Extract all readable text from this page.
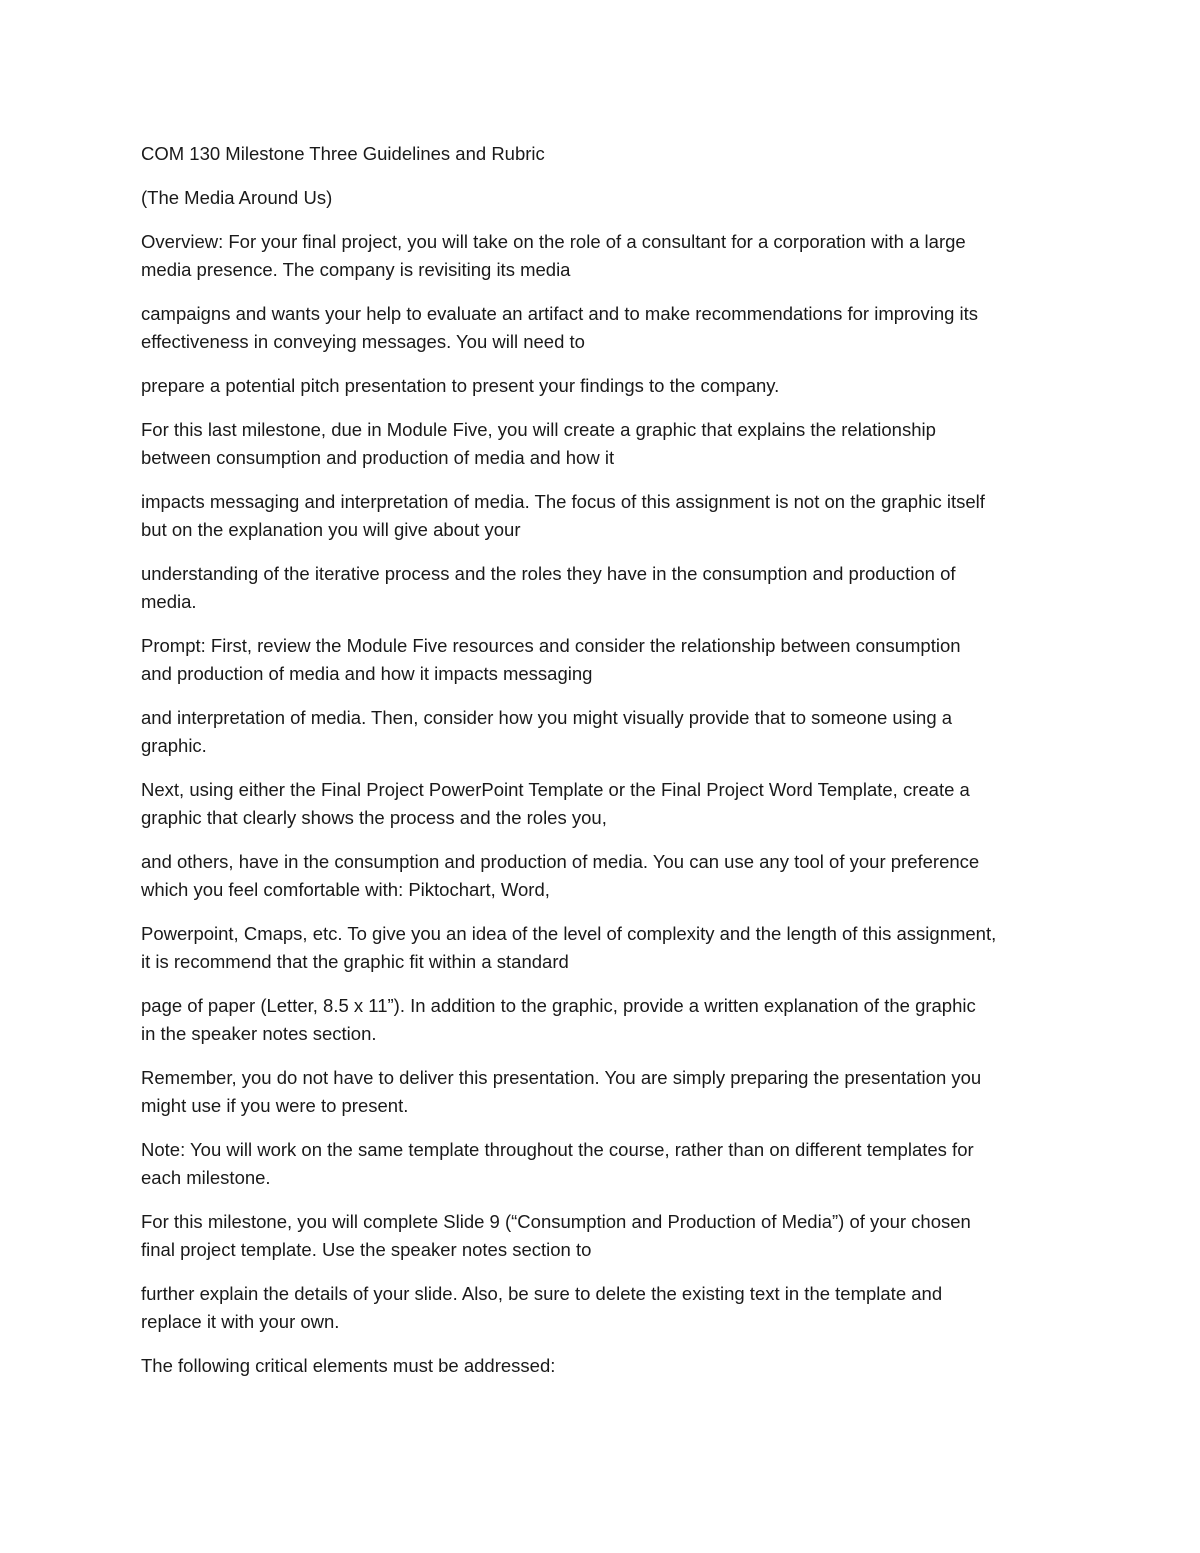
COM 130 Milestone Three Guidelines and Rubric

(The Media Around Us)

Overview: For your final project, you will take on the role of a consultant for a corporation with a large
media presence. The company is revisiting its media

campaigns and wants your help to evaluate an artifact and to make recommendations for improving its
effectiveness in conveying messages. You will need to

prepare a potential pitch presentation to present your findings to the company.

For this last milestone, due in Module Five, you will create a graphic that explains the relationship
between consumption and production of media and how it

impacts messaging and interpretation of media. The focus of this assignment is not on the graphic itself
but on the explanation you will give about your

understanding of the iterative process and the roles they have in the consumption and production of
media.

Prompt: First, review the Module Five resources and consider the relationship between consumption
and production of media and how it impacts messaging

and interpretation of media. Then, consider how you might visually provide that to someone using a
graphic.

Next, using either the Final Project PowerPoint Template or the Final Project Word Template, create a
graphic that clearly shows the process and the roles you,

and others, have in the consumption and production of media. You can use any tool of your preference
which you feel comfortable with: Piktochart, Word,

Powerpoint, Cmaps, etc. To give you an idea of the level of complexity and the length of this assignment,
it is recommend that the graphic fit within a standard

page of paper (Letter, 8.5 x 11”). In addition to the graphic, provide a written explanation of the graphic
in the speaker notes section.

Remember, you do not have to deliver this presentation. You are simply preparing the presentation you
might use if you were to present.

Note: You will work on the same template throughout the course, rather than on different templates for
each milestone.

For this milestone, you will complete Slide 9 (“Consumption and Production of Media”) of your chosen
final project template. Use the speaker notes section to

further explain the details of your slide. Also, be sure to delete the existing text in the template and
replace it with your own.

The following critical elements must be addressed:
